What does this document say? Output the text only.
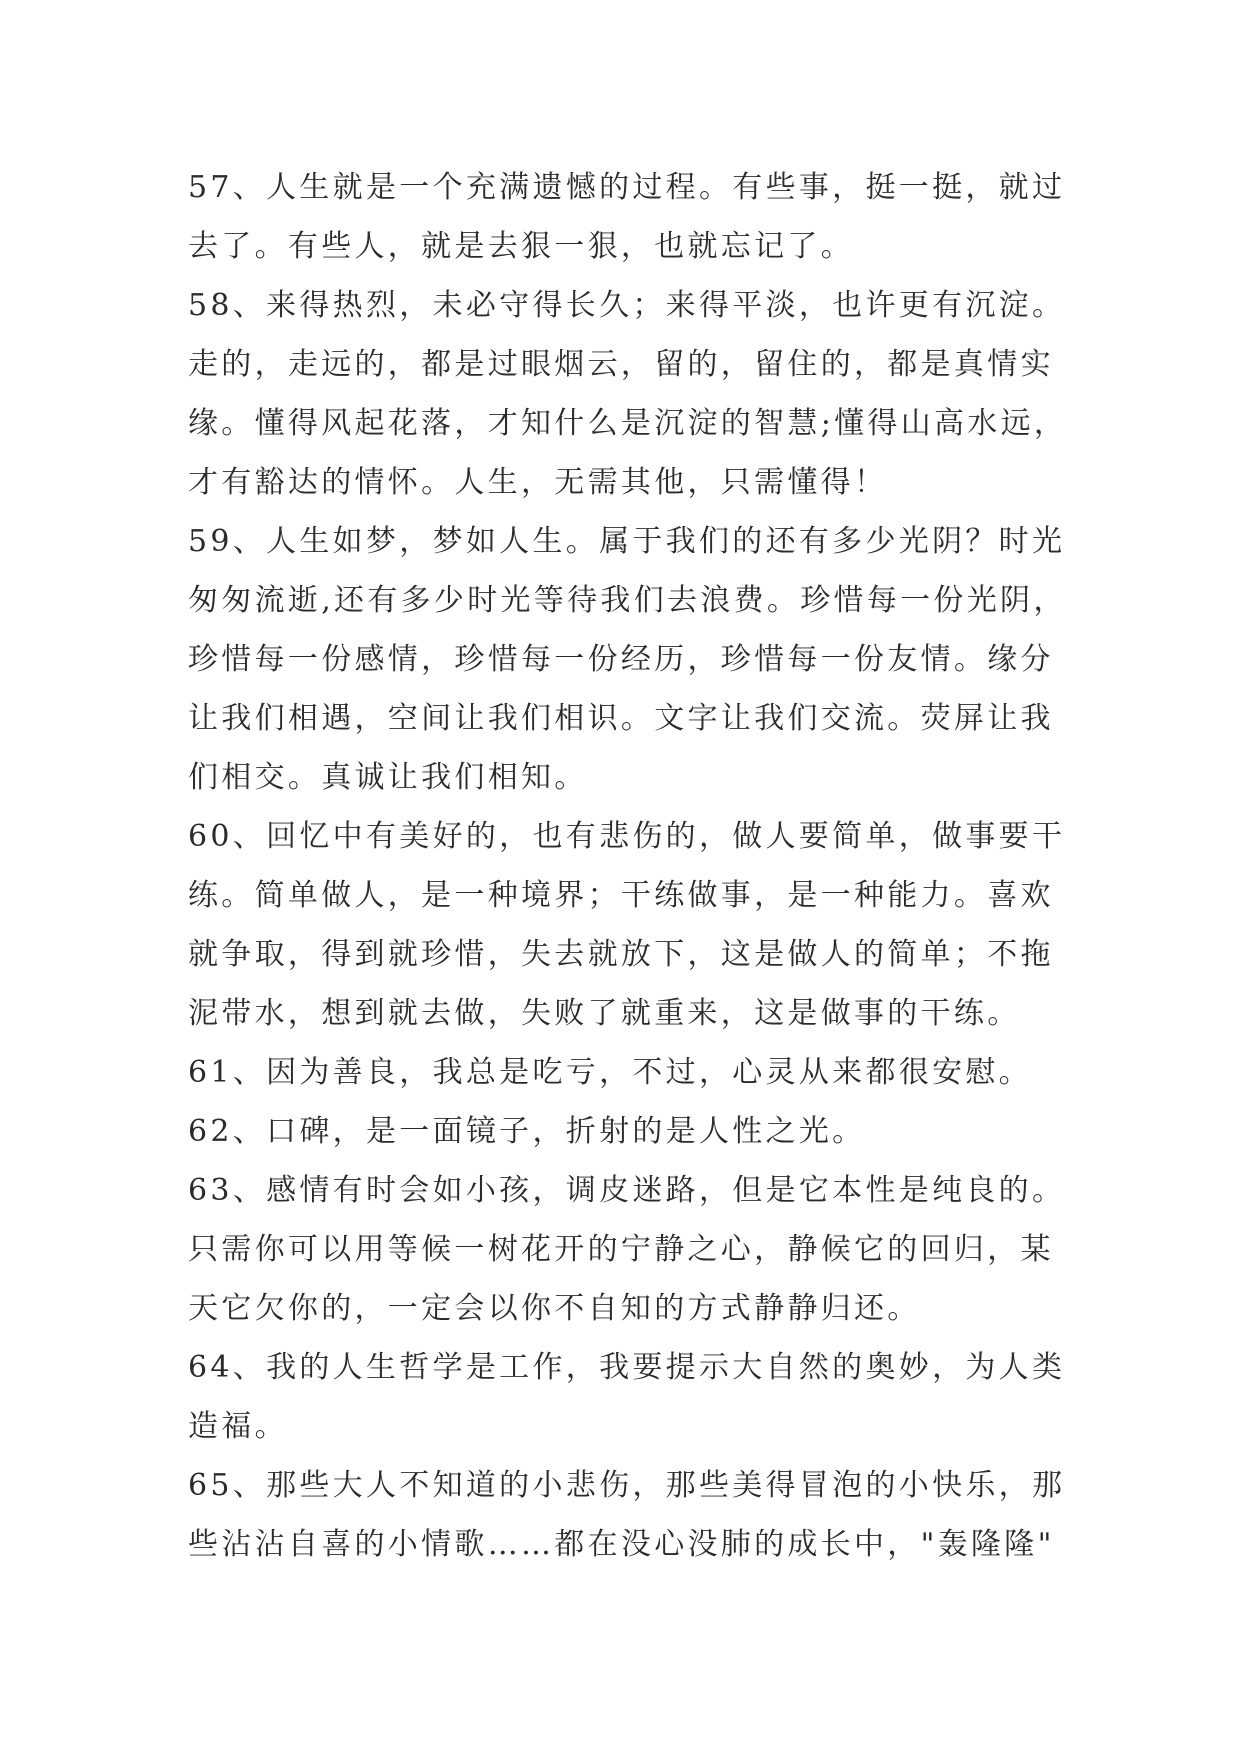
57、人生就是一个充满遗憾的过程。有些事，挺一挺，就过
去了。有些人，就是去狠一狠，也就忘记了。
58、来得热烈，未必守得长久；来得平淡，也许更有沉淀。
走的，走远的，都是过眼烟云，留的，留住的，都是真情实
缘。懂得风起花落，才知什么是沉淀的智慧;懂得山高水远，
才有豁达的情怀。人生，无需其他，只需懂得！
59、人生如梦，梦如人生。属于我们的还有多少光阴？时光
匆匆流逝,还有多少时光等待我们去浪费。珍惜每一份光阴，
珍惜每一份感情，珍惜每一份经历，珍惜每一份友情。缘分
让我们相遇，空间让我们相识。文字让我们交流。荧屏让我
们相交。真诚让我们相知。
60、回忆中有美好的，也有悲伤的，做人要简单，做事要干
练。简单做人，是一种境界；干练做事，是一种能力。喜欢
就争取，得到就珍惜，失去就放下，这是做人的简单；不拖
泥带水，想到就去做，失败了就重来，这是做事的干练。
61、因为善良，我总是吃亏，不过，心灵从来都很安慰。
62、口碑，是一面镜子，折射的是人性之光。
63、感情有时会如小孩，调皮迷路，但是它本性是纯良的。
只需你可以用等候一树花开的宁静之心，静候它的回归，某
天它欠你的，一定会以你不自知的方式静静归还。
64、我的人生哲学是工作，我要提示大自然的奥妙，为人类
造福。
65、那些大人不知道的小悲伤，那些美得冒泡的小快乐，那
些沾沾自喜的小情歌……都在没心没肺的成长中，"轰隆隆"
